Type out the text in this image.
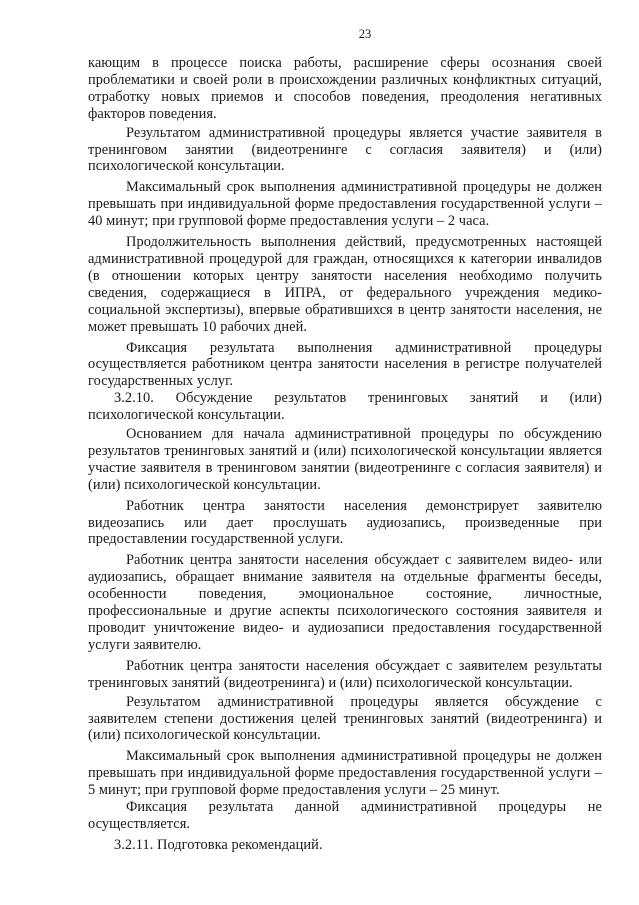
23

кающим в процессе поиска работы, расширение сферы осознания своей проблематики и своей роли в происхождении различных конфликтных ситуаций, отработку новых приемов и способов поведения, преодоления негативных факторов поведения.

Результатом административной процедуры является участие заявителя в тренинговом занятии (видеотренинге с согласия заявителя) и (или) психологической консультации.

Максимальный срок выполнения административной процедуры не должен превышать при индивидуальной форме предоставления государственной услуги – 40 минут; при групповой форме предоставления услуги – 2 часа.

Продолжительность выполнения действий, предусмотренных настоящей административной процедурой для граждан, относящихся к категории инвалидов (в отношении которых центру занятости населения необходимо получить сведения, содержащиеся в ИПРА, от федерального учреждения медико-социальной экспертизы), впервые обратившихся в центр занятости населения, не может превышать 10 рабочих дней.

Фиксация результата выполнения административной процедуры осуществляется работником центра занятости населения в регистре получателей государственных услуг.

3.2.10. Обсуждение результатов тренинговых занятий и (или) психологической консультации.

Основанием для начала административной процедуры по обсуждению результатов тренинговых занятий и (или) психологической консультации является участие заявителя в тренинговом занятии (видеотренинге с согласия заявителя) и (или) психологической консультации.

Работник центра занятости населения демонстрирует заявителю видеозапись или дает прослушать аудиозапись, произведенные при предоставлении государственной услуги.

Работник центра занятости населения обсуждает с заявителем видео- или аудиозапись, обращает внимание заявителя на отдельные фрагменты беседы, особенности поведения, эмоциональное состояние, личностные, профессиональные и другие аспекты психологического состояния заявителя и проводит уничтожение видео- и аудиозаписи предоставления государственной услуги заявителю.

Работник центра занятости населения обсуждает с заявителем результаты тренинговых занятий (видеотренинга) и (или) психологической консультации.

Результатом административной процедуры является обсуждение с заявителем степени достижения целей тренинговых занятий (видеотренинга) и (или) психологической консультации.

Максимальный срок выполнения административной процедуры не должен превышать при индивидуальной форме предоставления государственной услуги – 5 минут; при групповой форме предоставления услуги – 25 минут.

Фиксация результата данной административной процедуры не осуществляется.

3.2.11. Подготовка рекомендаций.
